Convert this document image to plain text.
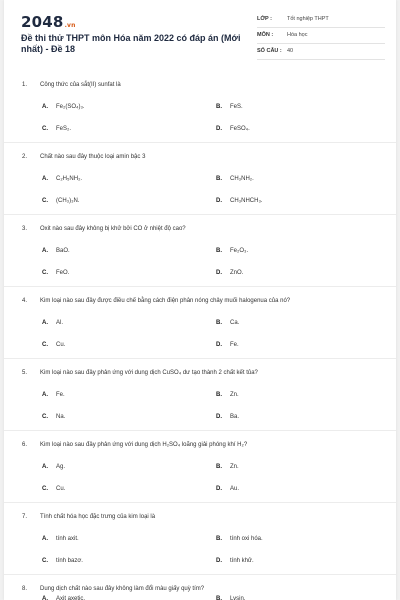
2048.vn
Đề thi thử THPT môn Hóa năm 2022 có đáp án (Mới nhất) - Đề 18
LỚP :	Tốt nghiệp THPT
MÔN :	Hóa học
SỐ CÂU : 40
1. Công thức của sắt(II) sunfat là
A. Fe₂(SO₄)₃.	B. FeS.
C. FeS₂.	D. FeSO₄.
2. Chất nào sau đây thuộc loại amin bậc 3
A. C₂H₅NH₂.	B. CH₃NH₂.
C. (CH₃)₃N.	D. CH₃NHCH₃.
3. Oxit nào sau đây không bị khử bởi CO ở nhiệt độ cao?
A. BaO.	B. Fe₂O₃.
C. FeO.	D. ZnO.
4. Kim loại nào sau đây được điều chế bằng cách điện phân nóng chảy muối halogenua của nó?
A. Al.	B. Ca.
C. Cu.	D. Fe.
5. Kim loại nào sau đây phản ứng với dung dịch CuSO₄ dư tạo thành 2 chất kết tủa?
A. Fe.	B. Zn.
C. Na.	D. Ba.
6. Kim loại nào sau đây phản ứng với dung dịch H₂SO₄ loãng giải phóng khí H₂?
A. Ag.	B. Zn.
C. Cu.	D. Au.
7. Tính chất hóa học đặc trưng của kim loại là
A. tính axit.	B. tính oxi hóa.
C. tính bazơ.	D. tính khử.
8. Dung dịch chất nào sau đây không làm đổi màu giấy quỳ tím?
A. Axit axetic.	B. Lysin.
